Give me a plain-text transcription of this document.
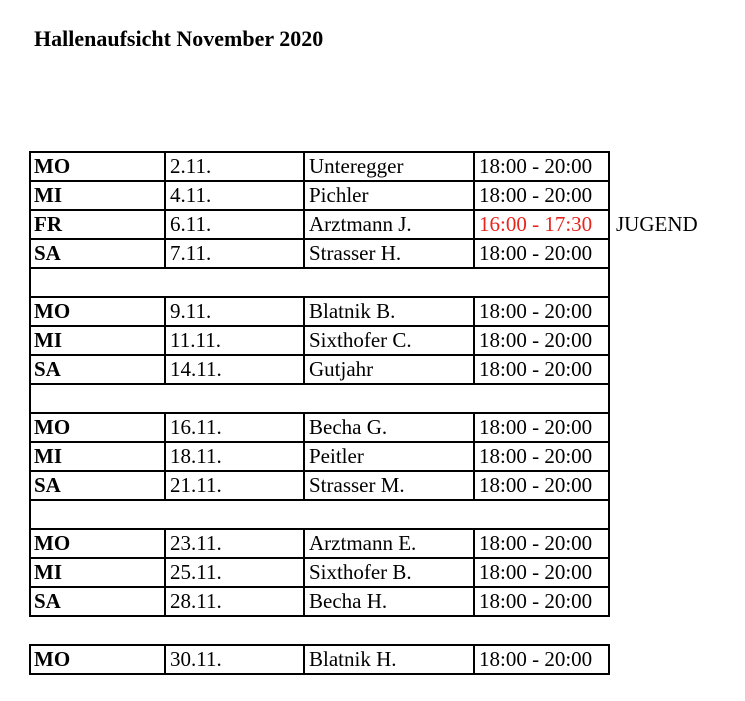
Hallenaufsicht November 2020
MO	2.11.	Unteregger	18:00 - 20:00
MI	4.11.	Pichler	18:00 - 20:00
FR	6.11.	Arztmann J.	16:00 - 17:30 JUGEND
SA	7.11.	Strasser H.	18:00 - 20:00
MO	9.11.	Blatnik B.	18:00 - 20:00
MI	11.11.	Sixthofer C.	18:00 - 20:00
SA	14.11.	Gutjahr	18:00 - 20:00
MO	16.11.	Becha G.	18:00 - 20:00
MI	18.11.	Peitler	18:00 - 20:00
SA	21.11.	Strasser M.	18:00 - 20:00
MO	23.11.	Arztmann E.	18:00 - 20:00
MI	25.11.	Sixthofer B.	18:00 - 20:00
SA	28.11.	Becha H.	18:00 - 20:00
MO	30.11.	Blatnik H.	18:00 - 20:00
